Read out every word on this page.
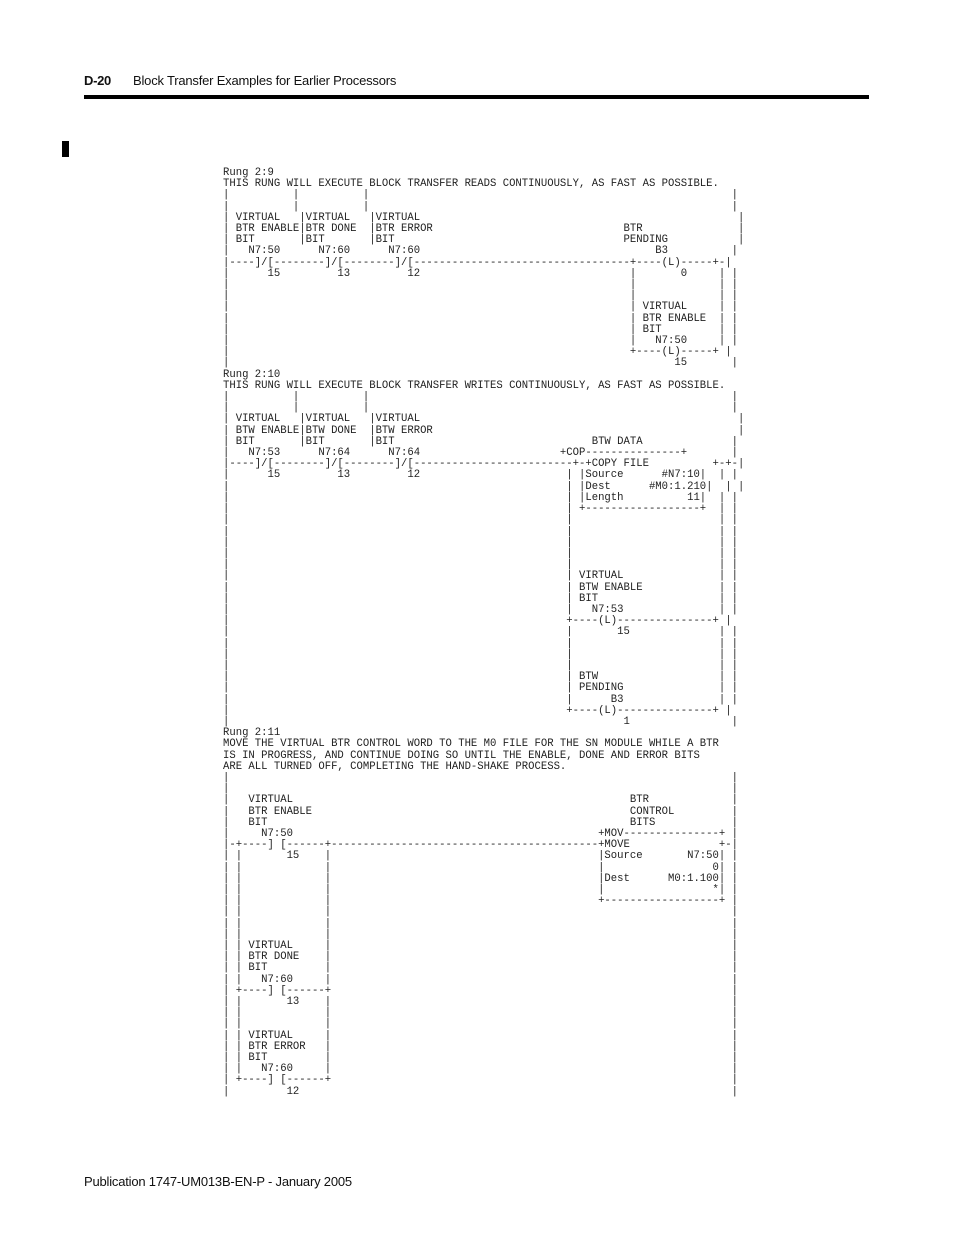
D-20 Block Transfer Examples for Earlier Processors
Rung 2:9
THIS RUNG WILL EXECUTE BLOCK TRANSFER READS CONTINUOUSLY, AS FAST AS POSSIBLE.
|          |          |                                                         |
|          |          |                                                         |
| VIRTUAL   |VIRTUAL   |VIRTUAL                                                  |
| BTR ENABLE|BTR DONE  |BTR ERROR                              BTR               |
| BIT       |BIT       |BIT                                    PENDING           |
|   N7:50      N7:60      N7:60                                     B3          |
|----]/[--------]/[--------]/[----------------------------------+----(L)-----+-|
|      15         13         12                                 |       0     | |
|                                                               |             | |
|                                                               |             | |
|                                                               | VIRTUAL     | |
|                                                               | BTR ENABLE  | |
|                                                               | BIT         | |
|                                                               |   N7:50     | |
|                                                               +----(L)-----+ |
|                                                                      15       |
Rung 2:10
THIS RUNG WILL EXECUTE BLOCK TRANSFER WRITES CONTINUOUSLY, AS FAST AS POSSIBLE.
|          |          |                                                         |
|          |          |                                                         |
| VIRTUAL   |VIRTUAL   |VIRTUAL                                                  |
| BTW ENABLE|BTW DONE  |BTW ERROR                                                |
| BIT       |BIT       |BIT                               BTW DATA              |
|   N7:53      N7:64      N7:64                      +COP---------------+       |
|----]/[--------]/[--------]/[-------------------------+-+COPY FILE          +-+-|
|      15         13         12                       | |Source      #N7:10|  | |
|                                                     | |Dest      #M0:1.210|  | |
|                                                     | |Length          11|  | |
|                                                     | +------------------+  | |
|                                                     |                       | |
|                                                     |                       | |
|                                                     |                       | |
|                                                     |                       | |
|                                                     |                       | |
|                                                     | VIRTUAL               | |
|                                                     | BTW ENABLE            | |
|                                                     | BIT                   | |
|                                                     |   N7:53               | |
|                                                     +----(L)---------------+ |
|                                                     |       15              | |
|                                                     |                       | |
|                                                     |                       | |
|                                                     |                       | |
|                                                     | BTW                   | |
|                                                     | PENDING               | |
|                                                     |      B3               | |
|                                                     +----(L)---------------+ |
|                                                              1                |
Rung 2:11
MOVE THE VIRTUAL BTR CONTROL WORD TO THE M0 FILE FOR THE SN MODULE WHILE A BTR
IS IN PROGRESS, AND CONTINUE DOING SO UNTIL THE ENABLE, DONE AND ERROR BITS
ARE ALL TURNED OFF, COMPLETING THE HAND-SHAKE PROCESS.
|                                                                               |
|                                                                               |
|   VIRTUAL                                                     BTR             |
|   BTR ENABLE                                                  CONTROL         |
|   BIT                                                         BITS            |
|     N7:50                                                +MOV---------------+ |
|-+----] [------+------------------------------------------+MOVE              +-|
| |       15    |                                          |Source       N7:50| |
| |             |                                          |                 0| |
| |             |                                          |Dest      M0:1.100| |
| |             |                                          |                 *| |
| |             |                                          +------------------+ |
| |             |                                                               |
| |             |                                                               |
| |             |                                                               |
| | VIRTUAL     |                                                               |
| | BTR DONE    |                                                               |
| | BIT         |                                                               |
| |   N7:60     |                                                               |
| +----] [------+                                                               |
| |       13    |                                                               |
| |             |                                                               |
| |             |                                                               |
| | VIRTUAL     |                                                               |
| | BTR ERROR   |                                                               |
| | BIT         |                                                               |
| |   N7:60     |                                                               |
| +----] [------+                                                               |
|         12                                                                    |
Publication 1747-UM013B-EN-P - January 2005
